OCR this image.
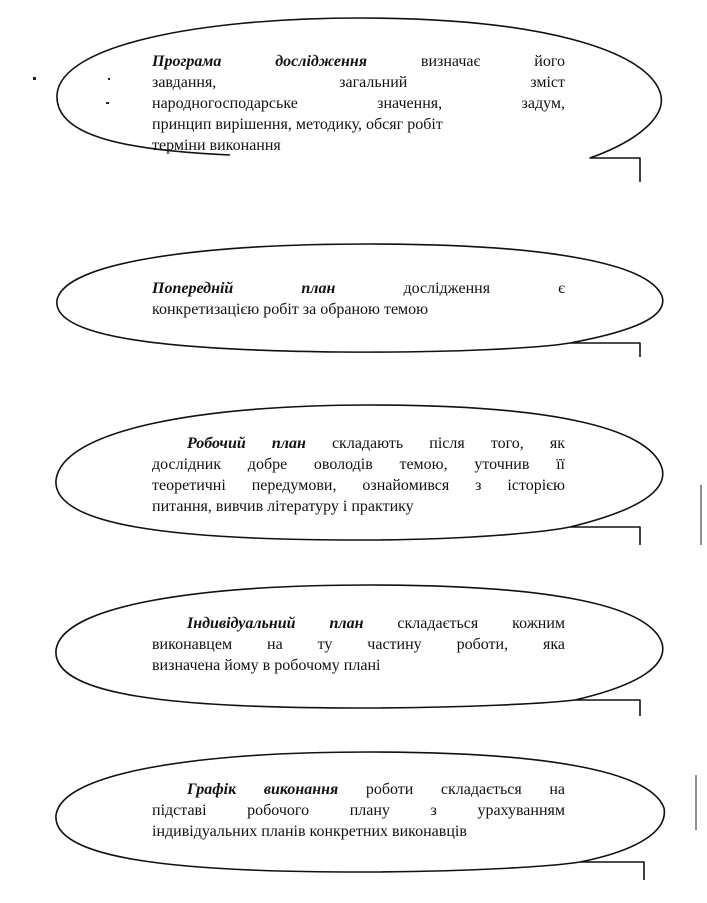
Програма дослідження	визначає його
завдання, загальний зміст
народногосподарське значення, задум,
принцип вирішення, методику, обсяг робіт
терміни виконання
Попередній план	дослідження є
конкретизацією робіт за обраною темою
Робочий план складають після того, як
дослідник добре оволодів темою, уточнив її
теоретичні передумови, ознайомився з історією
питання, вивчив літературу і практику
Індивідуальний план складається кожним
виконавцем на ту частину роботи, яка
визначена йому в робочому плані
Графік виконання роботи складається на
підставі робочого плану з урахуванням
індивідуальних планів конкретних виконавців
